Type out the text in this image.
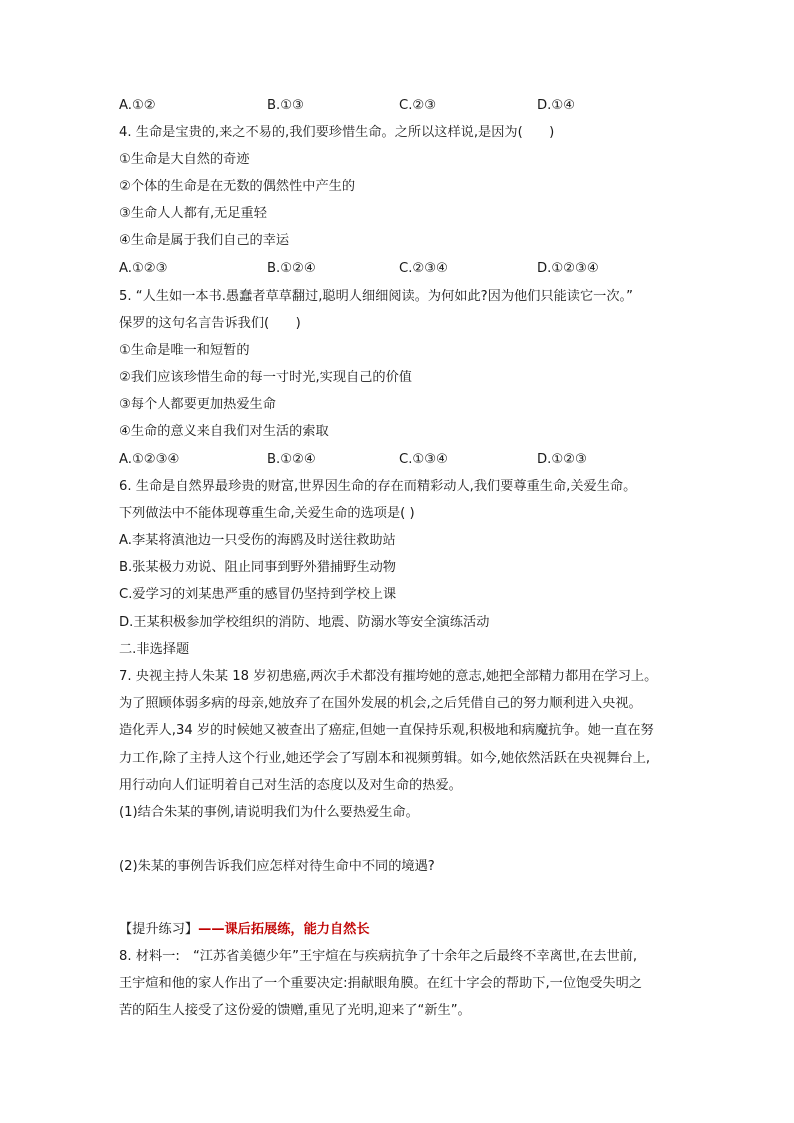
A.①②	B.①③	C.②③	D.①④
4. 生命是宝贵的,来之不易的,我们要珍惜生命。之所以这样说,是因为(　　)
①生命是大自然的奇迹
②个体的生命是在无数的偶然性中产生的
③生命人人都有,无足重轻
④生命是属于我们自己的幸运
A.①②③	B.①②④	C.②③④	D.①②③④
5. “人生如一本书.愚蠢者草草翻过,聪明人细细阅读。为何如此?因为他们只能读它一次。”
保罗的这句名言告诉我们(　　)
①生命是唯一和短暂的
②我们应该珍惜生命的每一寸时光,实现自己的价值
③每个人都要更加热爱生命
④生命的意义来自我们对生活的索取
A.①②③④	B.①②④	C.①③④	D.①②③
6. 生命是自然界最珍贵的财富,世界因生命的存在而精彩动人,我们要尊重生命,关爱生命。
下列做法中不能体现尊重生命,关爱生命的选项是( )
A.李某将滇池边一只受伤的海鸥及时送往救助站
B.张某极力劝说、阻止同事到野外猎捕野生动物
C.爱学习的刘某患严重的感冒仍坚持到学校上课
D.王某积极参加学校组织的消防、地震、防溺水等安全演练活动
二.非选择题
7. 央视主持人朱某 18 岁初患癌,两次手术都没有摧垮她的意志,她把全部精力都用在学习上。
为了照顾体弱多病的母亲,她放弃了在国外发展的机会,之后凭借自己的努力顺利进入央视。
造化弄人,34 岁的时候她又被查出了癌症,但她一直保持乐观,积极地和病魔抗争。她一直在努
力工作,除了主持人这个行业,她还学会了写剧本和视频剪辑。如今,她依然活跃在央视舞台上,
用行动向人们证明着自己对生活的态度以及对生命的热爱。
(1)结合朱某的事例,请说明我们为什么要热爱生命。
(2)朱某的事例告诉我们应怎样对待生命中不同的境遇?
【提升练习】——课后拓展练，能力自然长
8. 材料一:　“江苏省美德少年”王宇煊在与疾病抗争了十余年之后最终不幸离世,在去世前,
王宇煊和他的家人作出了一个重要决定:捐献眼角膜。在红十字会的帮助下,一位饱受失明之
苦的陌生人接受了这份爱的馈赠,重见了光明,迎来了“新生”。
